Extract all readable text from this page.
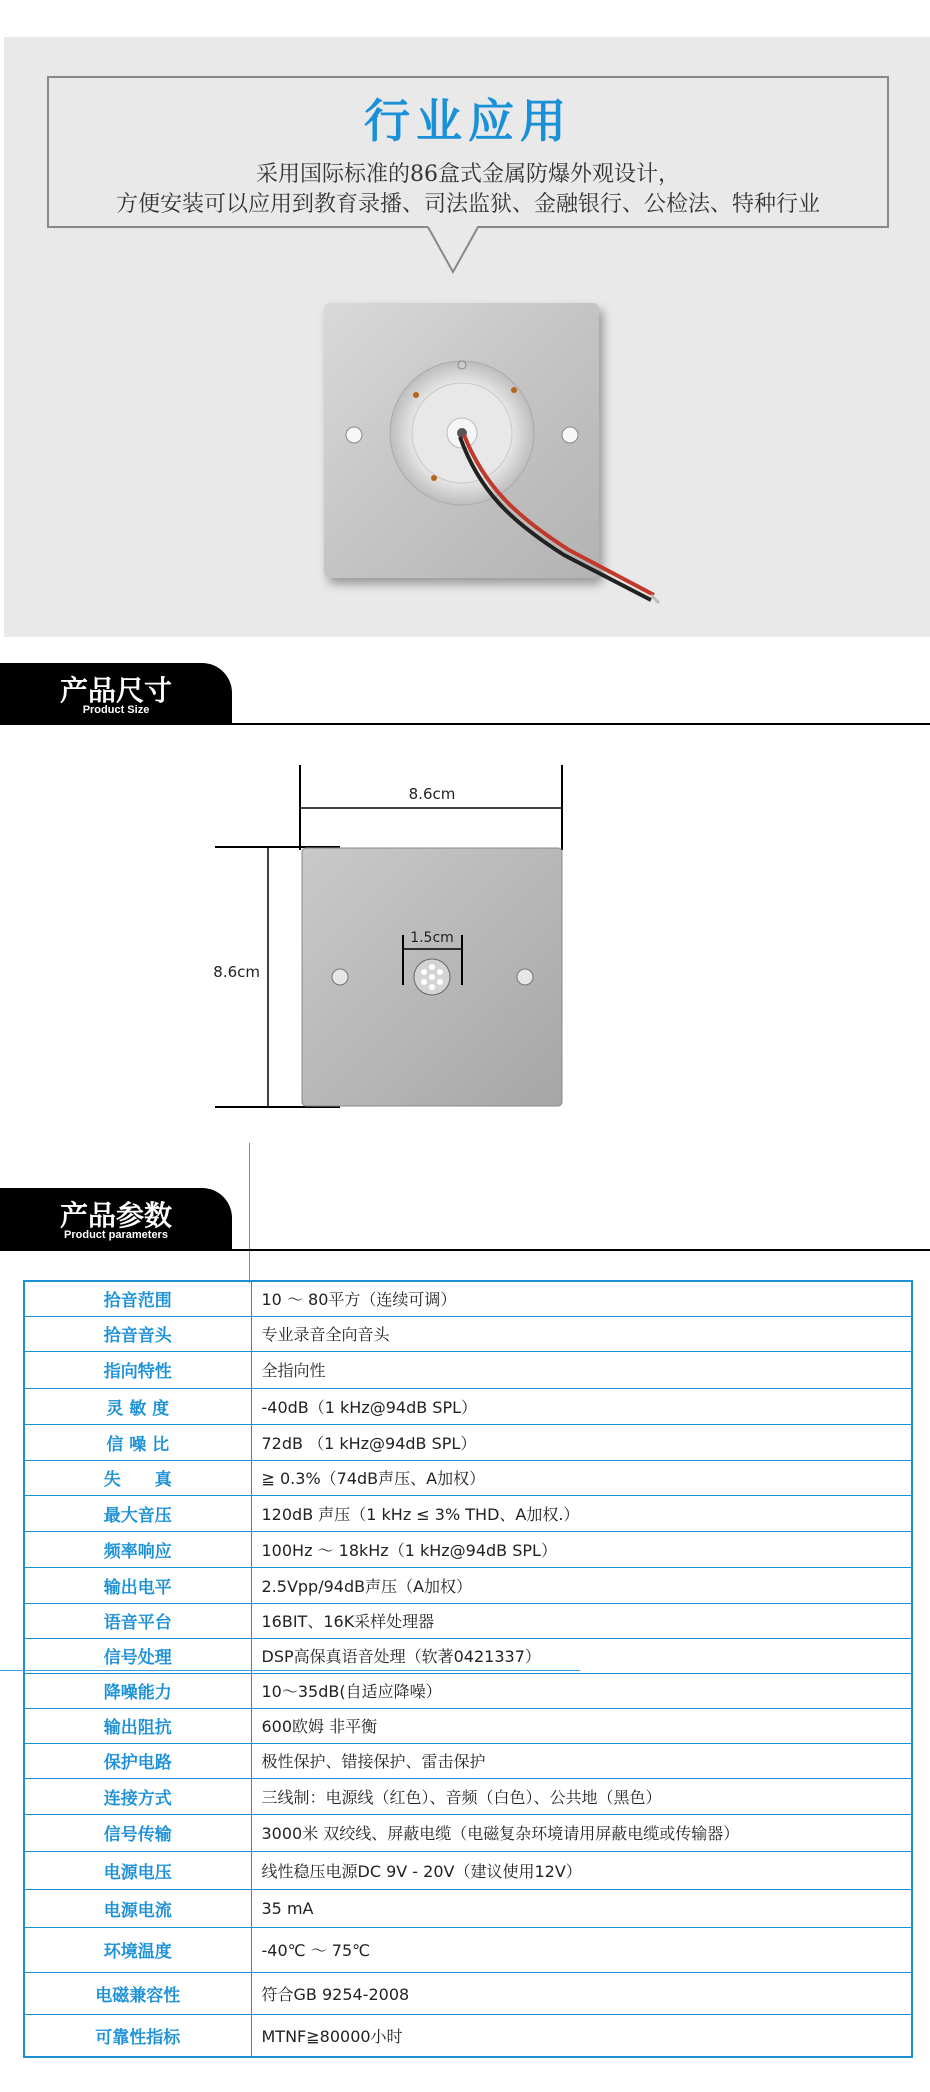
行业应用
采用国际标准的86盒式金属防爆外观设计，
方便安装可以应用到教育录播、司法监狱、金融银行、公检法、特种行业
产品尺寸
Product Size
8.6cm
8.6cm
1.5cm
产品参数
Product parameters
拾音范围	10 ～ 80平方（连续可调）
拾音音头	专业录音全向音头
指向特性	全指向性
灵 敏 度	-40dB（1 kHz@94dB SPL）
信 噪 比	72dB （1 kHz@94dB SPL）
失　　真	≧ 0.3%（74dB声压、A加权）
最大音压	120dB 声压（1 kHz ≤ 3% THD、A加权.）
频率响应	100Hz ～ 18kHz（1 kHz@94dB SPL）
输出电平	2.5Vpp/94dB声压（A加权）
语音平台	16BIT、16K采样处理器
信号处理	DSP高保真语音处理（软著0421337）
降噪能力	10～35dB(自适应降噪）
输出阻抗	600欧姆 非平衡
保护电路	极性保护、错接保护、雷击保护
连接方式	三线制：电源线（红色）、音频（白色）、公共地（黑色）
信号传输	3000米 双绞线、屏蔽电缆（电磁复杂环境请用屏蔽电缆或传输器）
电源电压	线性稳压电源DC 9V - 20V（建议使用12V）
电源电流	35 mA
环境温度	-40℃ ～ 75℃
电磁兼容性	符合GB 9254-2008
可靠性指标	MTNF≧80000小时
